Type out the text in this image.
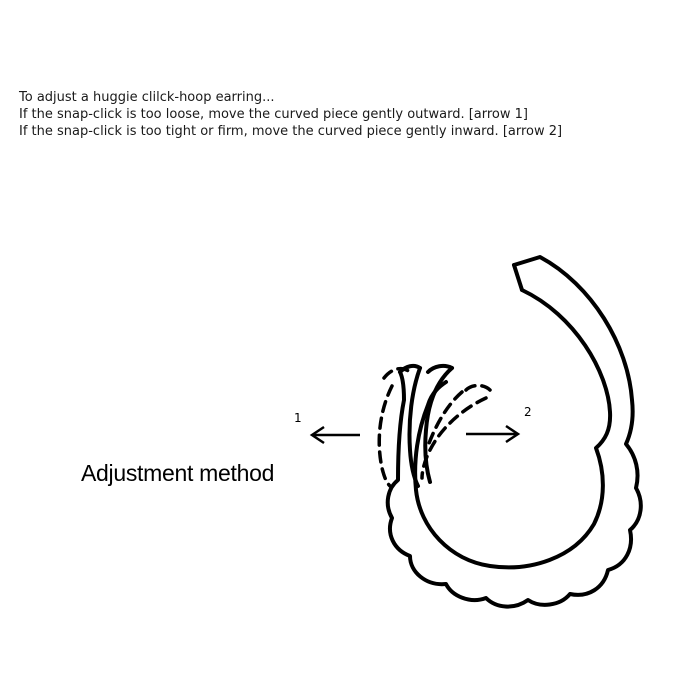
To adjust a huggie clilck-hoop earring...
If the snap-click is too loose, move the curved piece gently outward. [arrow 1]
If the snap-click is too tight or firm, move the curved piece gently inward. [arrow 2]
Adjustment method
1	2
